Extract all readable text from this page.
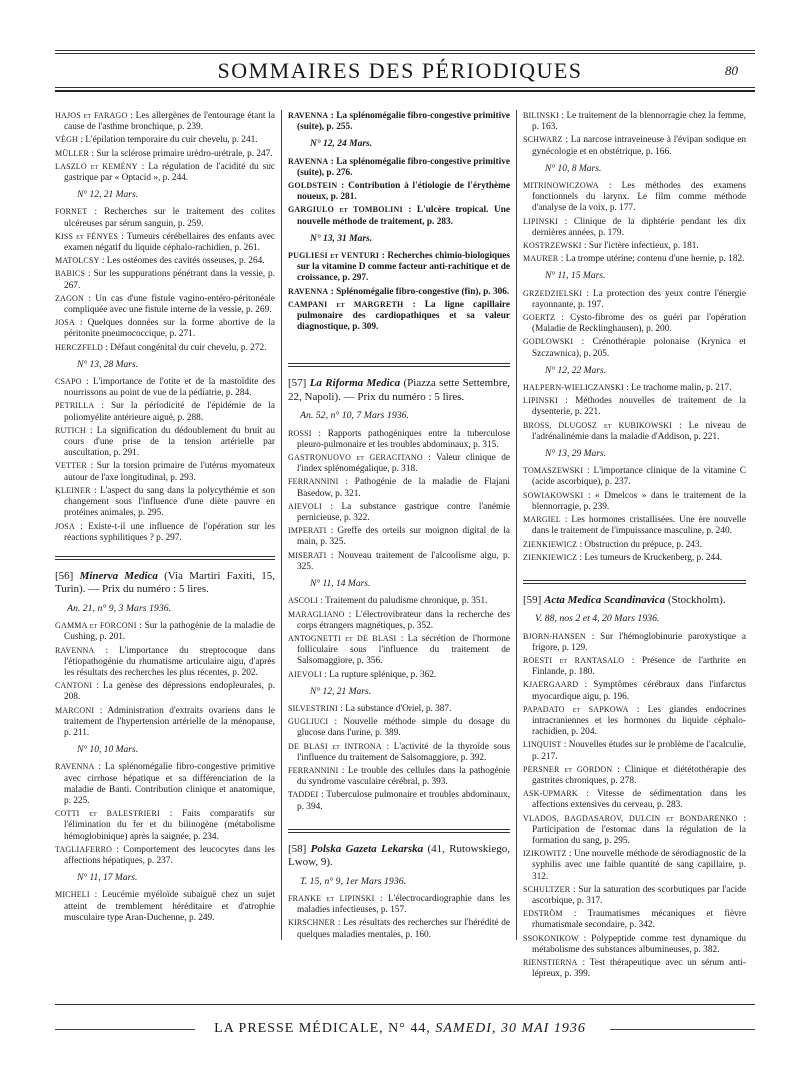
SOMMAIRES DES PÉRIODIQUES	80

HAJOS et FARAGO : Les allergènes de l'entourage étant la cause de l'asthme bronchique, p. 239.

VÉGH : L'épilation temporaire du cuir chevelu, p. 241.

MÜLLER : Sur la sclérose primaire urèdro-urétrale, p. 247.

LASZLO et KEMÉNY : La régulation de l'acidité du suc gastrique par « Optacid », p. 244.

N° 12, 21 Mars.

FORNET : Recherches sur le traitement des colites ulcéreuses par sérum sanguin, p. 259.

KISS et FÉNYES : Tumeurs cérébellaires des enfants avec examen négatif du liquide céphalo-rachidien, p. 261.

MATOLCSY : Les ostéomes des cavités osseuses, p. 264.

BABICS : Sur les suppurations pénétrant dans la vessie, p. 267.

ZAGON : Un cas d'une fistule vagino-entéro-péritonéale compliquée avec une fistule interne de la vessie, p. 269.

JOSA : Quelques données sur la forme abortive de la péritonite pneumococcique, p. 271.

HERCZFELD : Défaut congénital du cuir chevelu, p. 272.

N° 13, 28 Mars.

CSAPO : L'importance de l'otite et de la mastoïdite des nourrissons au point de vue de la pédiatrie, p. 284.

PETRILLA : Sur la périodicité de l'épidémie de la poliomyélite antérieure aiguë, p. 288.

RUTICH : La signification du dédoublement du bruit au cours d'une prise de la tension artérielle par auscultation, p. 291.

VETTER : Sur la torsion primaire de l'utérus myomateux autour de l'axe longitudinal, p. 293.

KLEINER : L'aspect du sang dans la polycythémie et son changement sous l'influence d'une diète pauvre en protéines animales, p. 295.

JOSA : Existe-t-il une influence de l'opération sur les réactions syphilitiques ? p. 297.

[56] Minerva Medica (Via Martiri Faxiti, 15, Turin). — Prix du numéro : 5 lires.
An. 21, n° 9, 3 Mars 1936.

GAMMA et FORCONI : Sur la pathogénie de la maladie de Cushing, p. 201.

RAVENNA : L'importance du streptocoque dans l'étiopathogénie du rhumatisme articulaire aigu, d'après les résultats des recherches les plus récentes, p. 202.

CANTONI : La genèse des dépressions endopleurales, p. 208.

MARCONI : Administration d'extraits ovariens dans le traitement de l'hypertension artérielle de la ménopause, p. 211.

N° 10, 10 Mars.

RAVENNA : La splénomégalie fibro-congestive primitive avec cirrhose hépatique et sa différenciation de la maladie de Banti. Contribution clinique et anatomique, p. 225.

COTTI et BALESTRIERI : Faits comparatifs sur l'élimination du fer et du bilinogène (métabolisme hémoglobinique) après la saignée, p. 234.

TAGLIAFERRO : Comportement des leucocytes dans les affections hépatiques, p. 237.

N° 11, 17 Mars.

MICHELI : Leucémie myéloïde subaiguë chez un sujet atteint de tremblement héréditaire et d'atrophie musculaire type Aran-Duchenne, p. 249.

RAVENNA : La splénomégalie fibro-congestive primitive (suite), p. 255.

N° 12, 24 Mars.

RAVENNA : La splénomégalie fibro-congestive primitive (suite), p. 276.

GOLDSTEIN : Contribution à l'étiologie de l'érythème noueux, p. 281.

GARGIULO et TOMBOLINI : L'ulcère tropical. Une nouvelle méthode de traitement, p. 283.

N° 13, 31 Mars.

PUGLIESI et VENTURI : Recherches chimio-biologiques sur la vitamine D comme facteur anti-rachitique et de croissance, p. 297.

RAVENNA : Splénomégalie fibro-congestive (fin), p. 306.

CAMPANI et MARGRETH : La ligne capillaire pulmonaire des cardiopathiques et sa valeur diagnostique, p. 309.

[57] La Riforma Medica (Piazza sette Settembre, 22, Napoli). — Prix du numéro : 5 lires.
An. 52, n° 10, 7 Mars 1936.

ROSSI : Rapports pathogéniques entre la tuberculose pleuro-pulmonaire et les troubles abdominaux, p. 315.

GASTRONUOVO et GERACITANO : Valeur clinique de l'index splénomégalique, p. 318.

FERRANNINI : Pathogénie de la maladie de Flajani Basedow, p. 321.

AIEVOLI : La substance gastrique contre l'anémie pernicieuse, p. 322.

IMPERATI : Greffe des orteils sur moignon digital de la main, p. 325.

MISERATI : Nouveau traitement de l'alcoolisme aigu, p. 325.

N° 11, 14 Mars.

ASCOLI : Traitement du paludisme chronique, p. 351.

MARAGLIANO : L'électrovibrateur dans la recherche des corps étrangers magnétiques, p. 352.

ANTOGNETTI et DE BLASI : La sécrétion de l'hormone folliculaire sous l'influence du traitement de Salsomaggiore, p. 356.

AIEVOLI : La rupture splénique, p. 362.

N° 12, 21 Mars.

SILVESTRINI : La substance d'Oriel, p. 387.

GUGLIUCI : Nouvelle méthode simple du dosage du glucose dans l'urine, p. 389.

DE BLASI et INTRONA : L'activité de la thyroïde sous l'influence du traitement de Salsomaggiore, p. 392.

FERRANNINI : Le trouble des cellules dans la pathogénie du syndrome vasculaire cérébral, p. 393.

TADDEI : Tuberculose pulmonaire et troubles abdominaux, p. 394.

[58] Polska Gazeta Lekarska (41, Rutowskiego, Lwow, 9).
T. 15, n° 9, 1er Mars 1936.

FRANKE et LIPINSKI : L'électrocardiographie dans les maladies infectieuses, p. 157.

KIRSCHNER : Les résultats des recherches sur l'hérédité de quelques maladies mentales, p. 160.

BILINSKI : Le traitement de la blennorragie chez la femme, p. 163.

SCHWARZ : La narcose intraveineuse à l'évipan sodique en gynécologie et en obstétrique, p. 166.

N° 10, 8 Mars.

MITRINOWICZOWA : Les méthodes des examens fonctionnels du larynx. Le film comme méthode d'analyse de la voix, p. 177.

LIPINSKI : Clinique de la diphtérie pendant les dix dernières années, p. 179.

KOSTRZEWSKI : Sur l'ictère infectieux, p. 181.

MAURER : La trompe utérine; contenu d'une hernie, p. 182.

N° 11, 15 Mars.

GRZEDZIELSKI : La protection des yeux contre l'énergie rayonnante, p. 197.

GOERTZ : Cysto-fibrome des os guéri par l'opération (Maladie de Recklinghausen), p. 200.

GODLOWSKI : Crénothérapie polonaise (Krynica et Szczawnica), p. 205.

N° 12, 22 Mars.

HALPERN-WIELICZANSKI : Le trachome malin, p. 217.

LIPINSKI : Méthodes nouvelles de traitement de la dysenterie, p. 221.

BROSS, DLUGOSZ et KUBIKOWSKI : Le niveau de l'adrénalinémie dans la maladie d'Addison, p. 221.

N° 13, 29 Mars.

TOMASZEWSKI : L'importance clinique de la vitamine C (acide ascorbique), p. 237.

SOWIAKOWSKI : « Dmelcos » dans le traitement de la blennorragie, p. 239.

MARGIEL : Les hormones cristallisées. Une ère nouvelle dans le traitement de l'impuissance masculine, p. 240.

ZIENKIEWICZ : Obstruction du prépuce, p. 243.

ZIENKIEWICZ : Les tumeurs de Kruckenberg, p. 244.

[59] Acta Medica Scandinavica (Stockholm).
V. 88, nos 2 et 4, 20 Mars 1936.

BJORN-HANSEN : Sur l'hémoglobinurie paroxystique a frigore, p. 129.

ROESTI et RANTASALO : Présence de l'arthrite en Finlande, p. 180.

KJAERGAARD : Symptômes cérébraux dans l'infarctus myocardique aigu, p. 196.

PAPADATO et SAPKOWA : Les glandes endocrines intracraniennes et les hormones du liquide céphalo-rachidien, p. 204.

LINQUIST : Nouvelles études sur le problème de l'acalculie, p. 217.

PERSNER et GORDON : Clinique et diététothérapie des gastrites chroniques, p. 278.

ASK-UPMARK : Vitesse de sédimentation dans les affections extensives du cerveau, p. 283.

VLADOS, BAGDASAROV, DULCIN et BONDARENKO : Participation de l'estomac dans la régulation de la formation du sang, p. 295.

IZIKOWITZ : Une nouvelle méthode de sérodiagnostic de la syphilis avec une faible quantité de sang capillaire, p. 312.

SCHULTZER : Sur la saturation des scorbutiques par l'acide ascorbique, p. 317.

EDSTRÖM : Traumatismes mécaniques et fièvre rhumatismale secondaire, p. 342.

SSOKONIKOW : Polypeptide comme test dynamique du métabolisme des substances albumineuses, p. 382.

RIENSTIERNA : Test thérapeutique avec un sérum anti-lépreux, p. 399.

LA PRESSE MÉDICALE, N° 44, SAMEDI, 30 MAI 1936
